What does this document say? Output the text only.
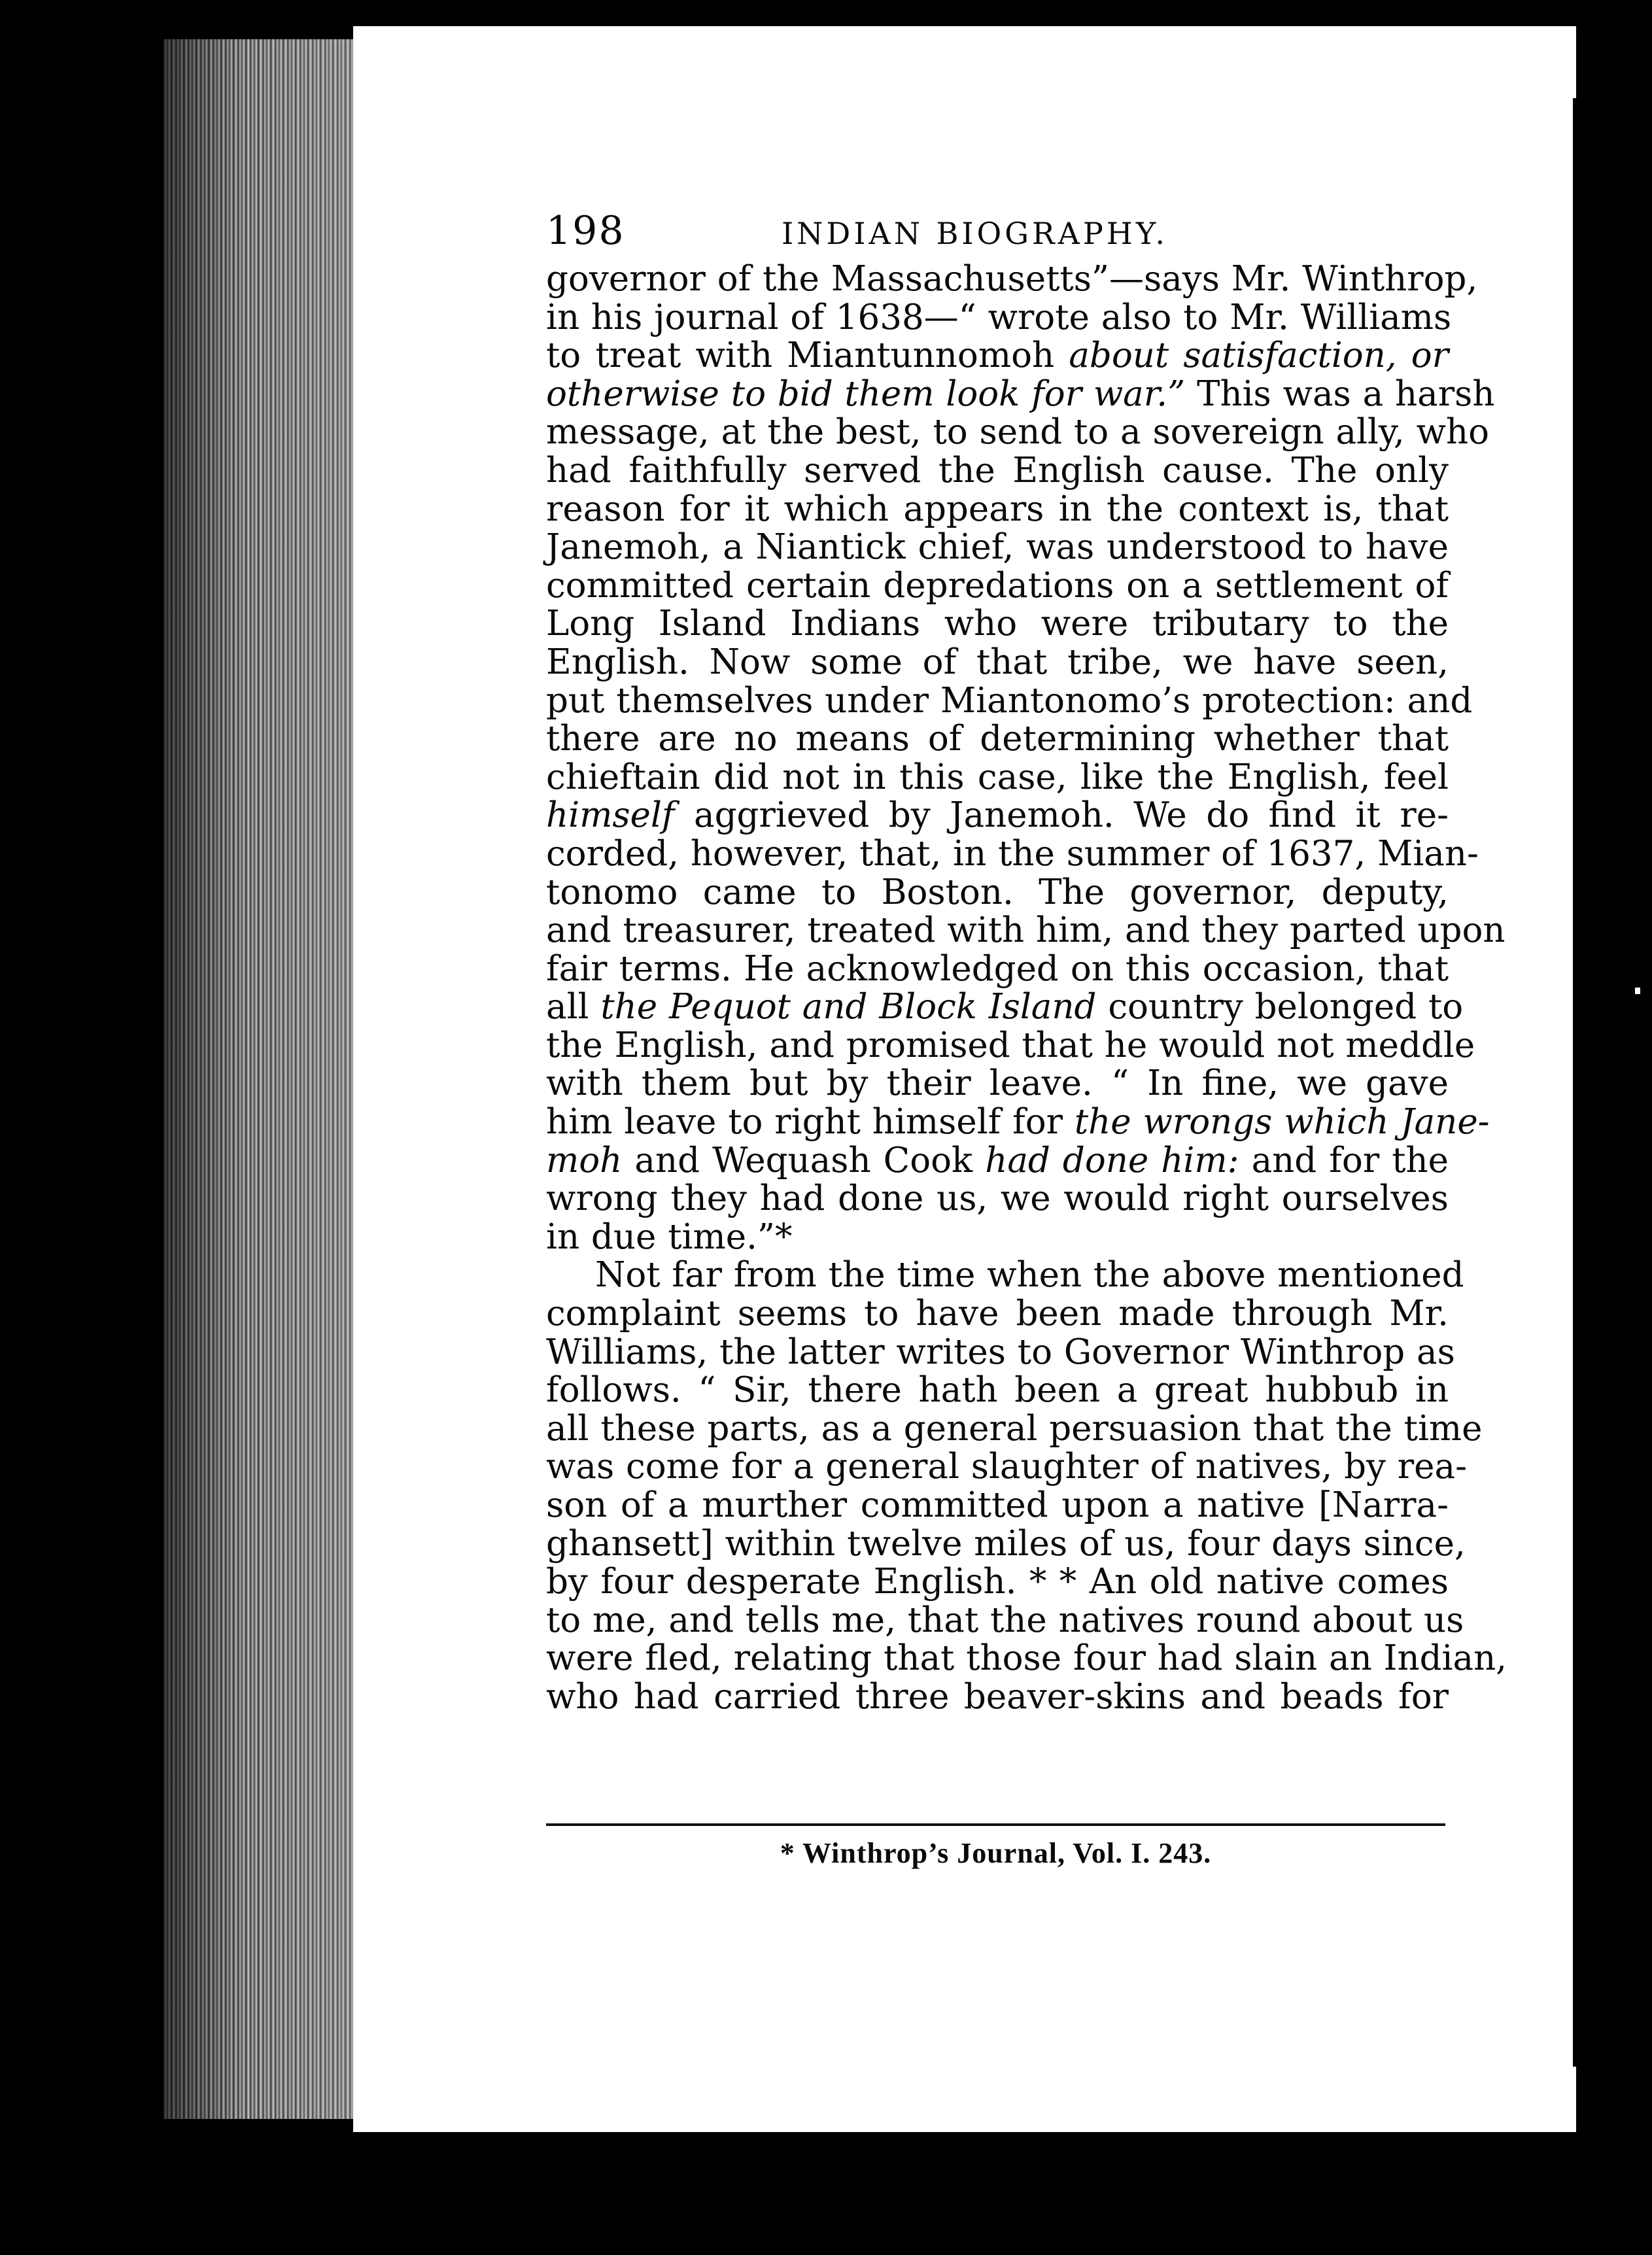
198	INDIAN BIOGRAPHY.
governor of the Massachusetts”—says Mr. Winthrop,
in his journal of 1638—“ wrote also to Mr. Williams
to treat with Miantunnomoh about satisfaction, or
otherwise to bid them look for war.” This was a harsh
message, at the best, to send to a sovereign ally, who
had faithfully served the English cause. The only
reason for it which appears in the context is, that
Janemoh, a Niantick chief, was understood to have
committed certain depredations on a settlement of
Long Island Indians who were tributary to the
English. Now some of that tribe, we have seen,
put themselves under Miantonomo’s protection: and
there are no means of determining whether that
chieftain did not in this case, like the English, feel
himself aggrieved by Janemoh. We do find it re-
corded, however, that, in the summer of 1637, Mian-
tonomo came to Boston. The governor, deputy,
and treasurer, treated with him, and they parted upon
fair terms. He acknowledged on this occasion, that
all the Pequot and Block Island country belonged to
the English, and promised that he would not meddle
with them but by their leave. “ In fine, we gave
him leave to right himself for the wrongs which Jane-
moh and Wequash Cook had done him: and for the
wrong they had done us, we would right ourselves
in due time.”*
Not far from the time when the above mentioned
complaint seems to have been made through Mr.
Williams, the latter writes to Governor Winthrop as
follows. “ Sir, there hath been a great hubbub in
all these parts, as a general persuasion that the time
was come for a general slaughter of natives, by rea-
son of a murther committed upon a native [Narra-
ghansett] within twelve miles of us, four days since,
by four desperate English. * * An old native comes
to me, and tells me, that the natives round about us
were fled, relating that those four had slain an Indian,
who had carried three beaver-skins and beads for
* Winthrop’s Journal, Vol. I. 243.
